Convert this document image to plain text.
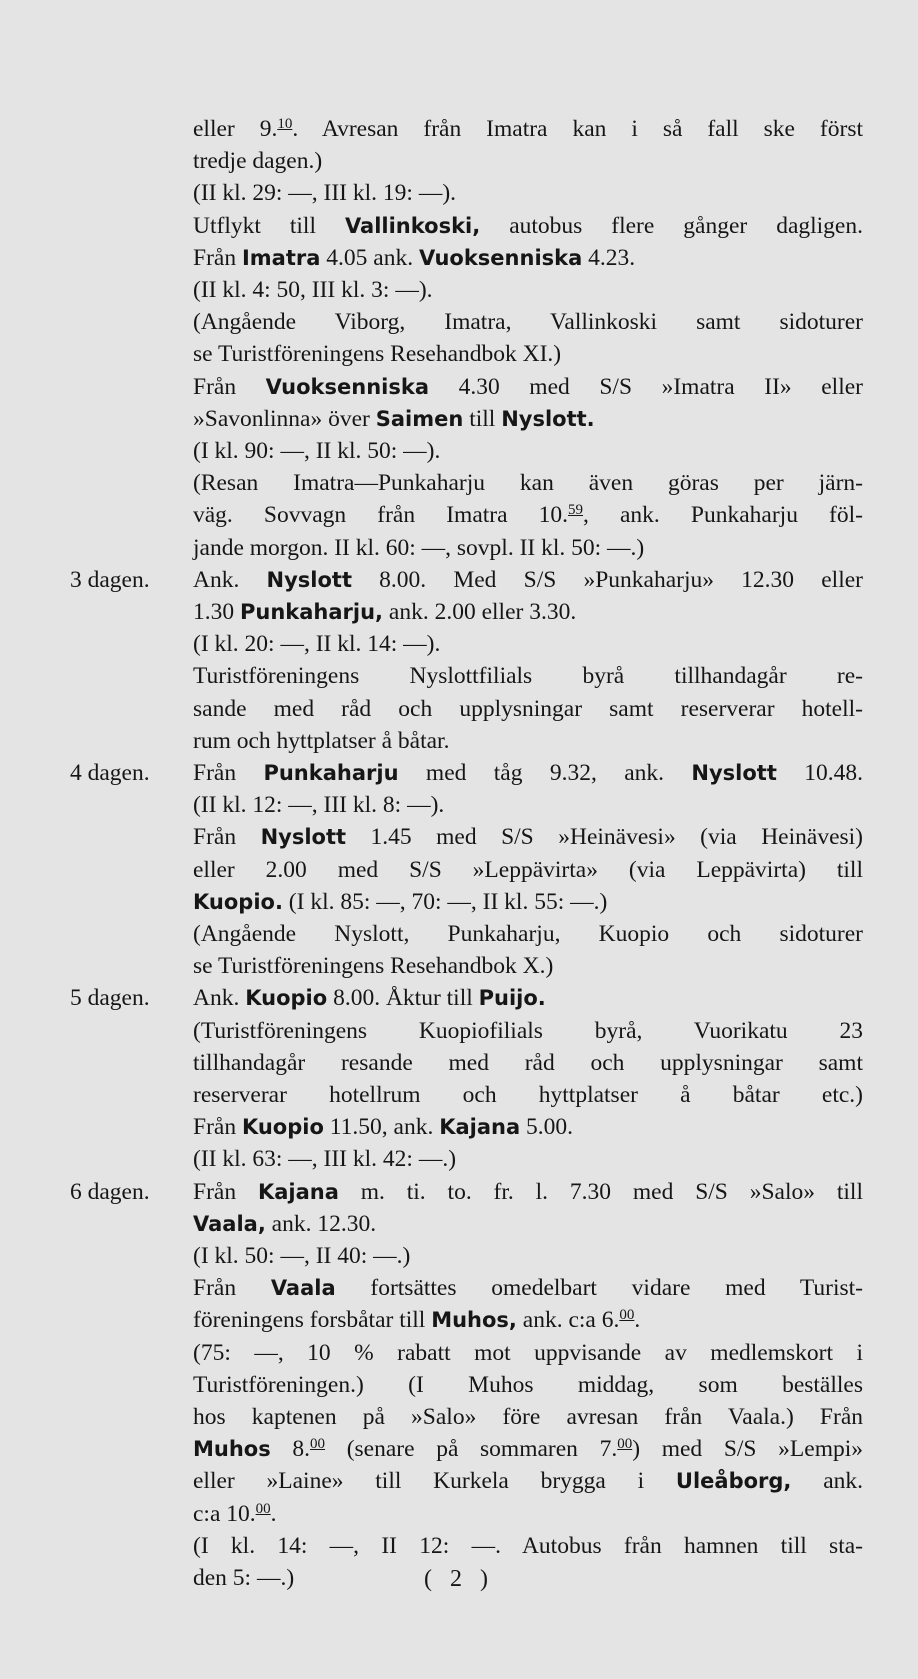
eller 9.10. Avresan från Imatra kan i så fall ske först
tredje dagen.)
(II kl. 29: —, III kl. 19: —).
Utflykt till Vallinkoski, autobus flere gånger dagligen.
Från Imatra 4.05 ank. Vuoksenniska 4.23.
(II kl. 4: 50, III kl. 3: —).
(Angående Viborg, Imatra, Vallinkoski samt sidoturer
se Turistföreningens Resehandbok XI.)
Från Vuoksenniska 4.30 med S/S »Imatra II» eller
»Savonlinna» över Saimen till Nyslott.
(I kl. 90: —, II kl. 50: —).
(Resan Imatra—Punkaharju kan även göras per järn-
väg. Sovvagn från Imatra 10.59, ank. Punkaharju föl-
jande morgon. II kl. 60: —, sovpl. II kl. 50: —.)
3 dagen. Ank. Nyslott 8.00. Med S/S »Punkaharju» 12.30 eller
1.30 Punkaharju, ank. 2.00 eller 3.30.
(I kl. 20: —, II kl. 14: —).
Turistföreningens Nyslottfilials byrå tillhandagår re-
sande med råd och upplysningar samt reserverar hotell-
rum och hyttplatser å båtar.
4 dagen. Från Punkaharju med tåg 9.32, ank. Nyslott 10.48.
(II kl. 12: —, III kl. 8: —).
Från Nyslott 1.45 med S/S »Heinävesi» (via Heinävesi)
eller 2.00 med S/S »Leppävirta» (via Leppävirta) till
Kuopio. (I kl. 85: —, 70: —, II kl. 55: —.)
(Angående Nyslott, Punkaharju, Kuopio och sidoturer
se Turistföreningens Resehandbok X.)
5 dagen. Ank. Kuopio 8.00. Åktur till Puijo.
(Turistföreningens Kuopiofilials byrå, Vuorikatu 23
tillhandagår resande med råd och upplysningar samt
reserverar hotellrum och hyttplatser å båtar etc.)
Från Kuopio 11.50, ank. Kajana 5.00.
(II kl. 63: —, III kl. 42: —.)
6 dagen. Från Kajana m. ti. to. fr. l. 7.30 med S/S »Salo» till
Vaala, ank. 12.30.
(I kl. 50: —, II 40: —.)
Från Vaala fortsättes omedelbart vidare med Turist-
föreningens forsbåtar till Muhos, ank. c:a 6.00.
(75: —, 10 % rabatt mot uppvisande av medlemskort i
Turistföreningen.) (I Muhos middag, som beställes
hos kaptenen på »Salo» före avresan från Vaala.) Från
Muhos 8.00 (senare på sommaren 7.00) med S/S »Lempi»
eller »Laine» till Kurkela brygga i Uleåborg, ank.
c:a 10.00.
(I kl. 14: —, II 12: —. Autobus från hamnen till sta-
den 5: —.)	( 2 )
